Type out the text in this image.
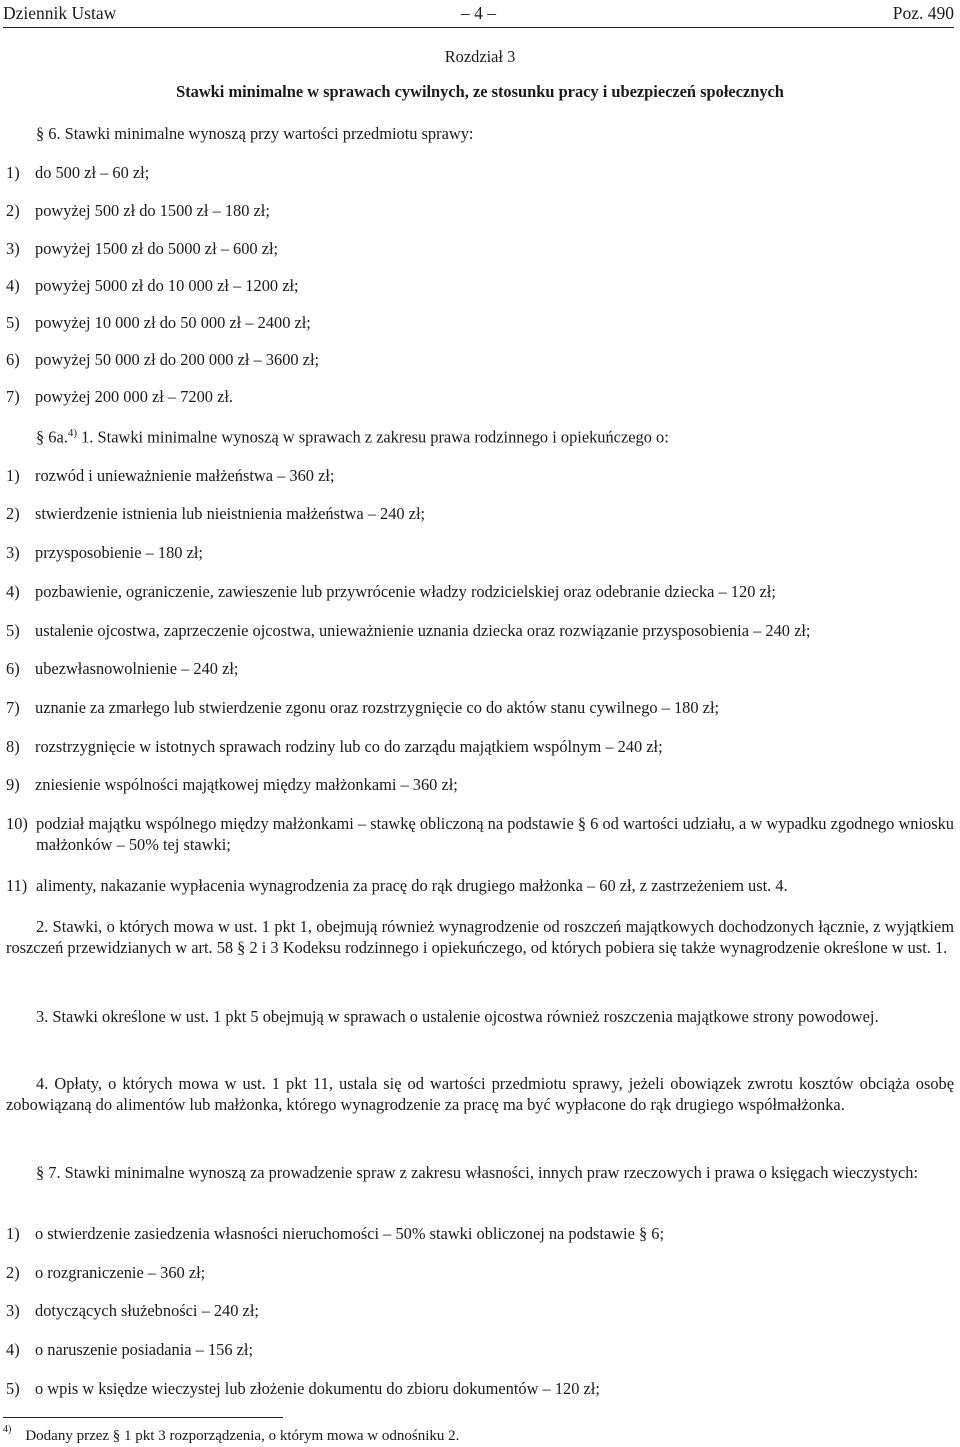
Dziennik Ustaw	– 4 –	Poz. 490
Rozdział 3
Stawki minimalne w sprawach cywilnych, ze stosunku pracy i ubezpieczeń społecznych
§ 6. Stawki minimalne wynoszą przy wartości przedmiotu sprawy:
1) do 500 zł – 60 zł;
2) powyżej 500 zł do 1500 zł – 180 zł;
3) powyżej 1500 zł do 5000 zł – 600 zł;
4) powyżej 5000 zł do 10 000 zł – 1200 zł;
5) powyżej 10 000 zł do 50 000 zł – 2400 zł;
6) powyżej 50 000 zł do 200 000 zł – 3600 zł;
7) powyżej 200 000 zł – 7200 zł.
§ 6a.$^{4)}$ 1. Stawki minimalne wynoszą w sprawach z zakresu prawa rodzinnego i opiekuńczego o:
1) rozwód i unieważnienie małżeństwa – 360 zł;
2) stwierdzenie istnienia lub nieistnienia małżeństwa – 240 zł;
3) przysposobienie – 180 zł;
4) pozbawienie, ograniczenie, zawieszenie lub przywrócenie władzy rodzicielskiej oraz odebranie dziecka – 120 zł;
5) ustalenie ojcostwa, zaprzeczenie ojcostwa, unieważnienie uznania dziecka oraz rozwiązanie przysposobienia – 240 zł;
6) ubezwłasnowolnienie – 240 zł;
7) uznanie za zmarłego lub stwierdzenie zgonu oraz rozstrzygnięcie co do aktów stanu cywilnego – 180 zł;
8) rozstrzygnięcie w istotnych sprawach rodziny lub co do zarządu majątkiem wspólnym – 240 zł;
9) zniesienie wspólności majątkowej między małżonkami – 360 zł;
10) podział majątku wspólnego między małżonkami – stawkę obliczoną na podstawie § 6 od wartości udziału, a w wypadku zgodnego wniosku małżonków – 50% tej stawki;
11) alimenty, nakazanie wypłacenia wynagrodzenia za pracę do rąk drugiego małżonka – 60 zł, z zastrzeżeniem ust. 4.
2. Stawki, o których mowa w ust. 1 pkt 1, obejmują również wynagrodzenie od roszczeń majątkowych dochodzonych łącznie, z wyjątkiem roszczeń przewidzianych w art. 58 § 2 i 3 Kodeksu rodzinnego i opiekuńczego, od których pobiera się także wynagrodzenie określone w ust. 1.
3. Stawki określone w ust. 1 pkt 5 obejmują w sprawach o ustalenie ojcostwa również roszczenia majątkowe strony powodowej.
4. Opłaty, o których mowa w ust. 1 pkt 11, ustala się od wartości przedmiotu sprawy, jeżeli obowiązek zwrotu kosztów obciąża osobę zobowiązaną do alimentów lub małżonka, którego wynagrodzenie za pracę ma być wypłacone do rąk drugiego współmałżonka.
§ 7. Stawki minimalne wynoszą za prowadzenie spraw z zakresu własności, innych praw rzeczowych i prawa o księgach wieczystych:
1) o stwierdzenie zasiedzenia własności nieruchomości – 50% stawki obliczonej na podstawie § 6;
2) o rozgraniczenie – 360 zł;
3) dotyczących służebności – 240 zł;
4) o naruszenie posiadania – 156 zł;
5) o wpis w księdze wieczystej lub złożenie dokumentu do zbioru dokumentów – 120 zł;
$^{4)}$ Dodany przez § 1 pkt 3 rozporządzenia, o którym mowa w odnośniku 2.
